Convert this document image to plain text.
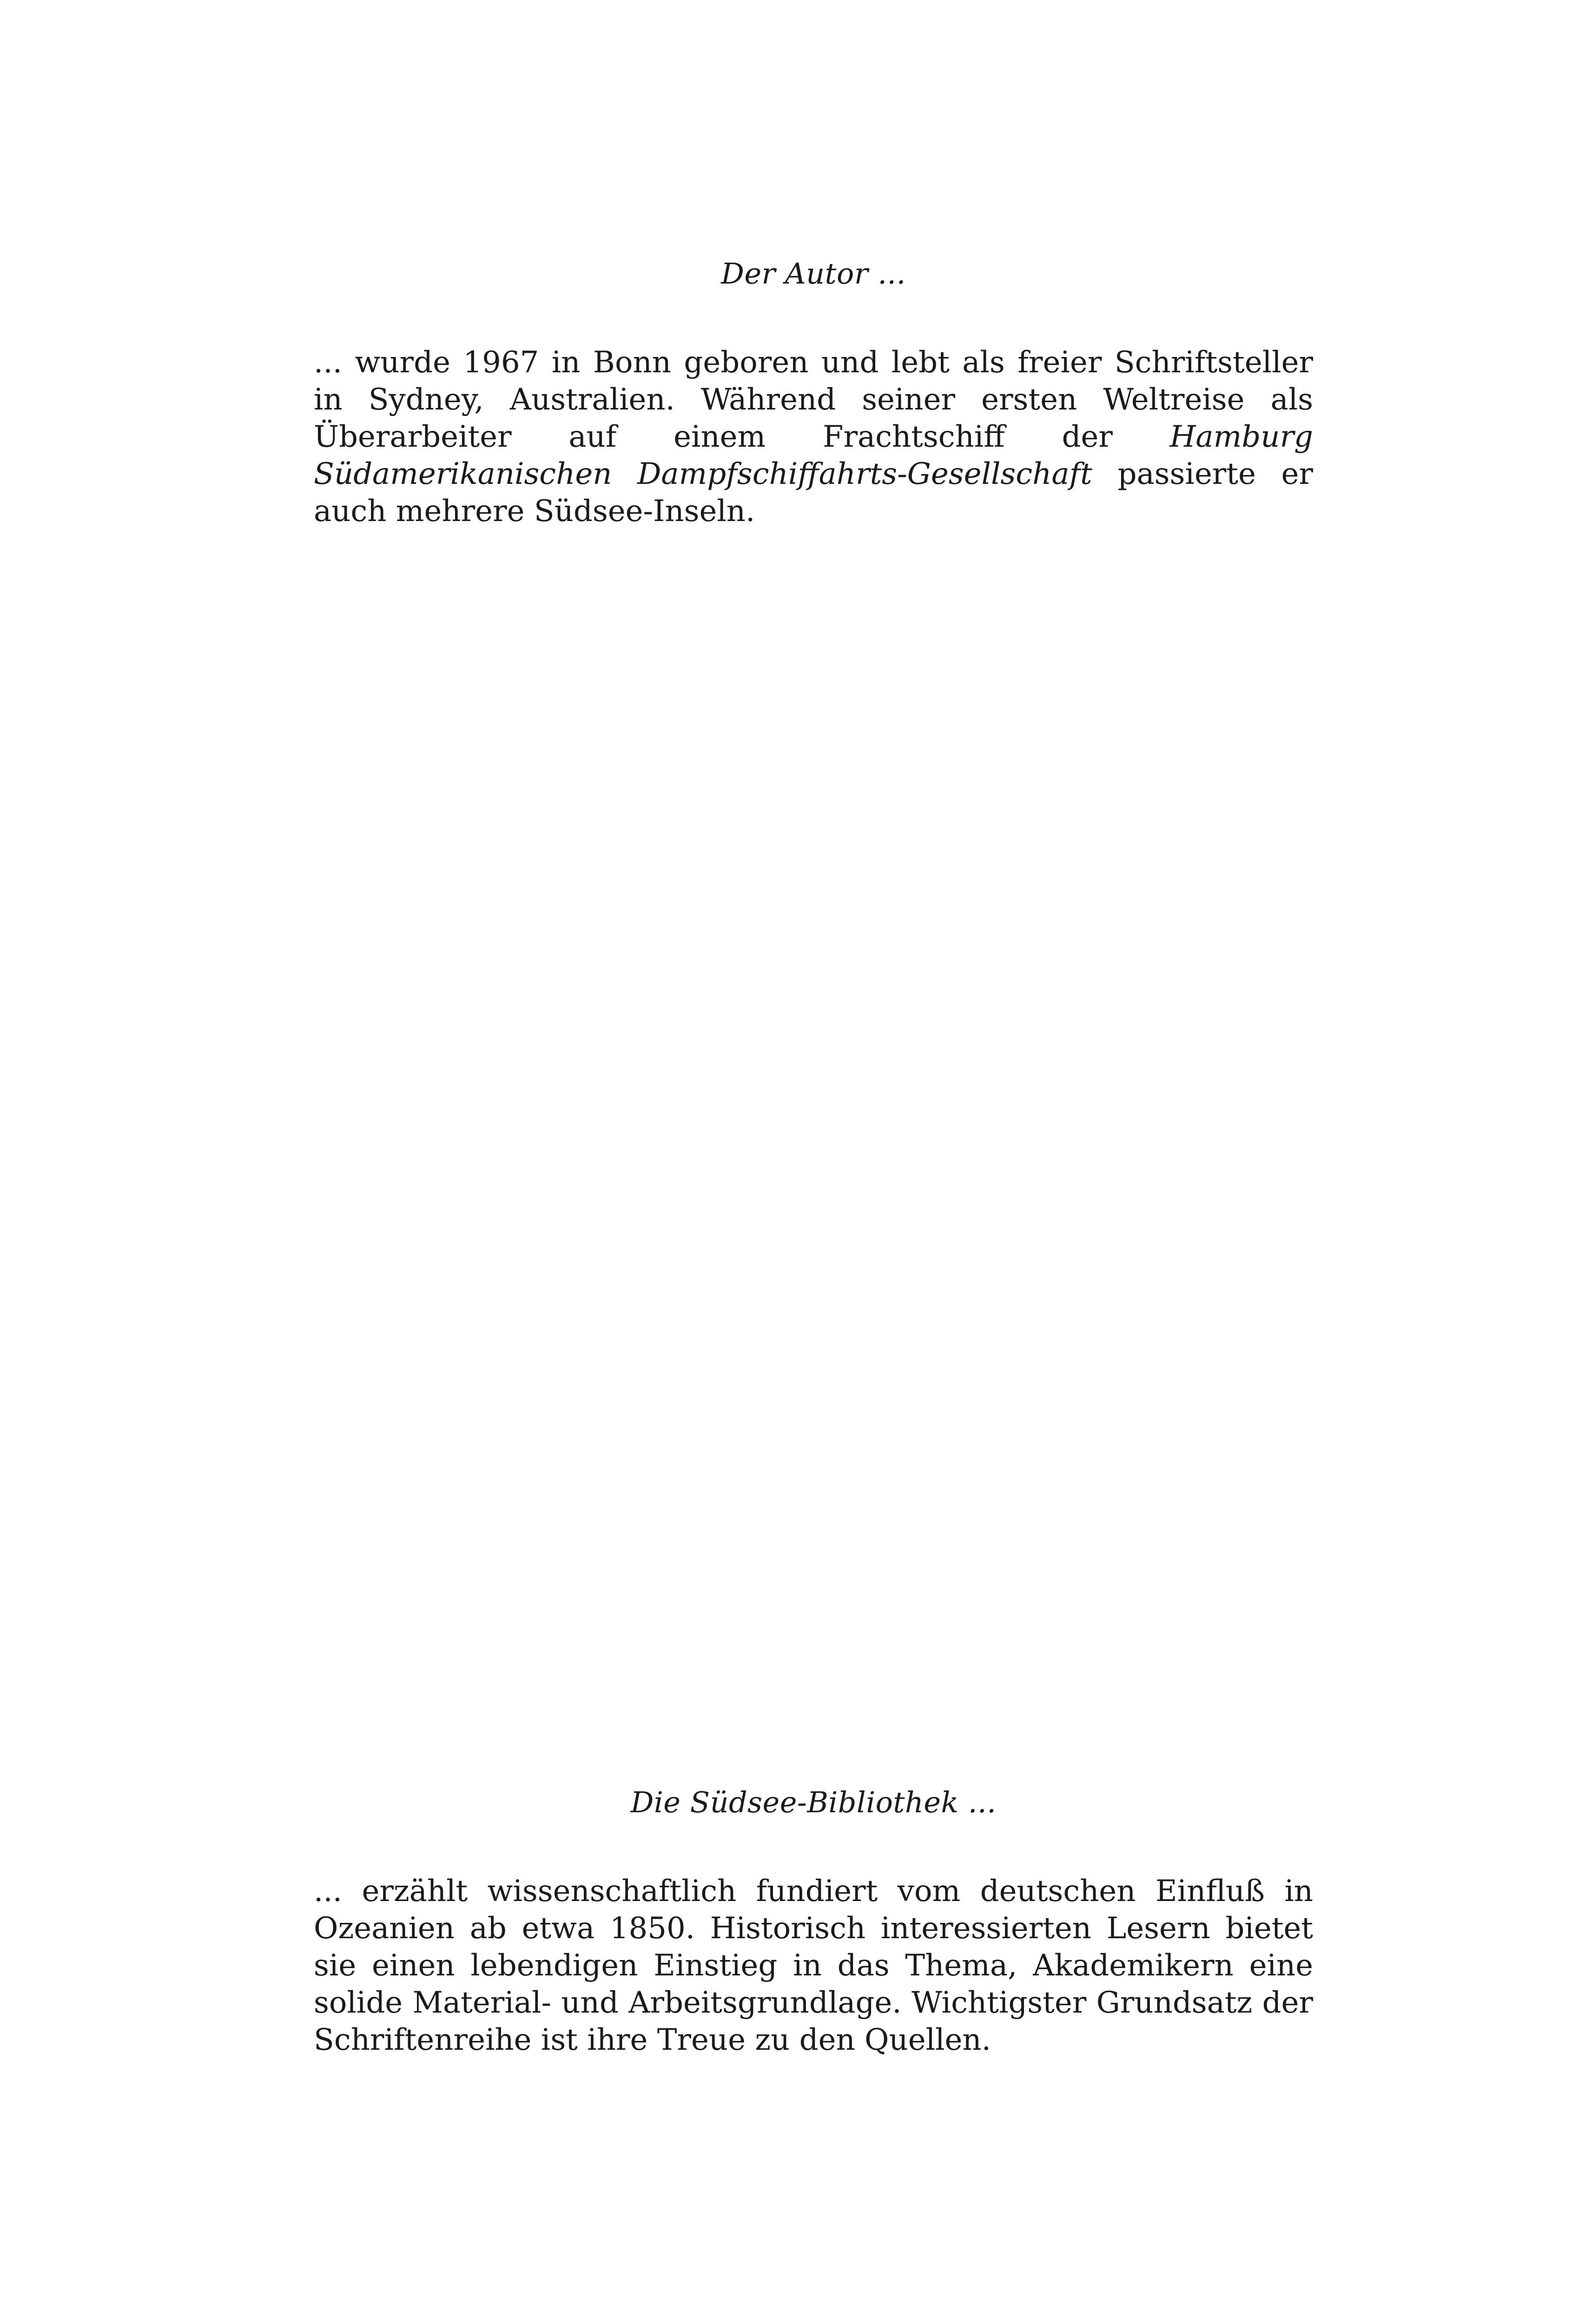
Der Autor ...

... wurde 1967 in Bonn geboren und lebt als freier Schriftsteller in Sydney, Australien. Während seiner ersten Weltreise als Überarbeiter auf einem Frachtschiff der Hamburg Südamerikanischen Dampfschiffahrts-Gesellschaft passierte er auch mehrere Südsee-Inseln.

Die Südsee-Bibliothek ...

... erzählt wissenschaftlich fundiert vom deutschen Einfluß in Ozeanien ab etwa 1850. Historisch interessierten Lesern bietet sie einen lebendigen Einstieg in das Thema, Akademikern eine solide Material- und Arbeitsgrundlage. Wichtigster Grundsatz der Schriftenreihe ist ihre Treue zu den Quellen.
